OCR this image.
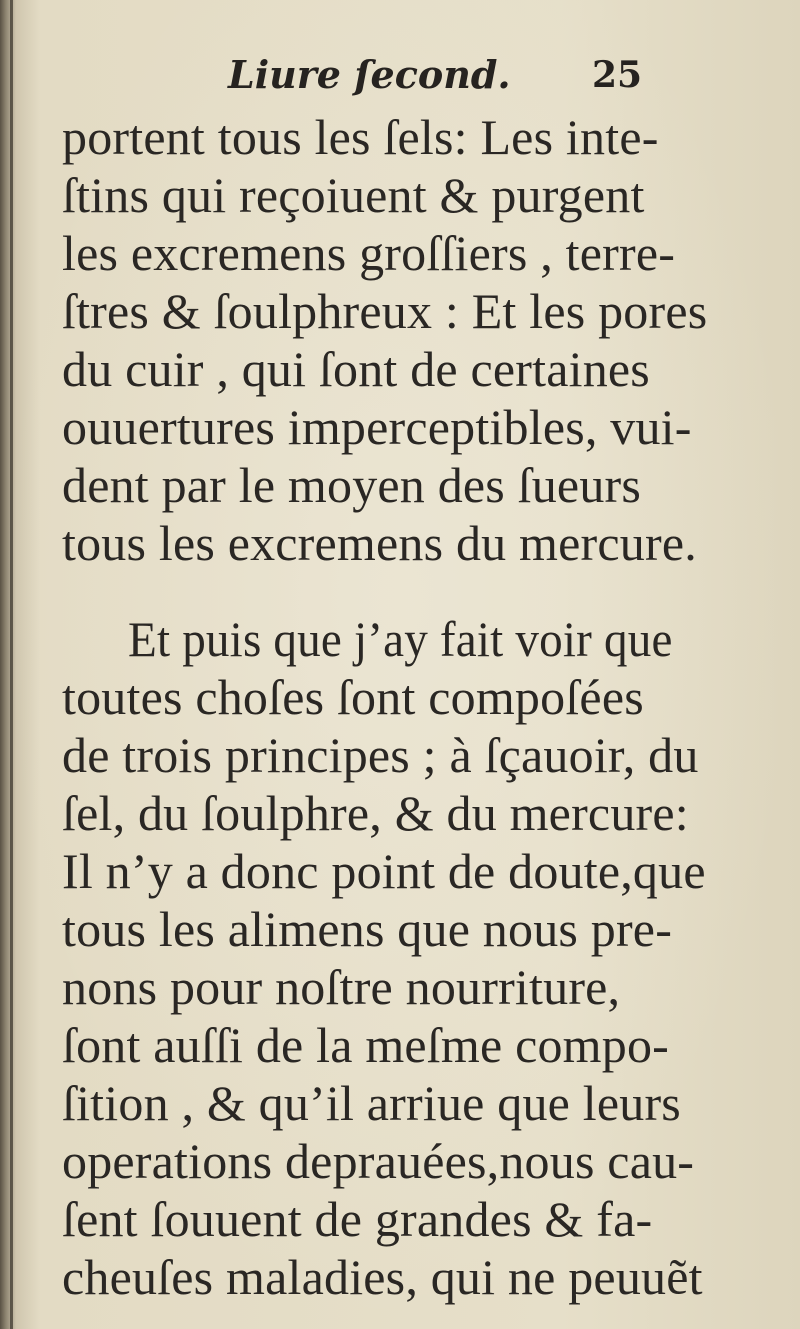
Liure ſecond. 25
portent tous les ſels: Les inte-
ſtins qui reçoiuent & purgent
les excremens groſſiers , terre-
ſtres & ſoulphreux : Et les pores
du cuir , qui ſont de certaines
ouuertures imperceptibles, vui-
dent par le moyen des ſueurs
tous les excremens du mercure.
Et puis que j’ay fait voir que
toutes choſes ſont compoſées
de trois principes ; à ſçauoir, du
ſel, du ſoulphre, & du mercure:
Il n’y a donc point de doute,que
tous les alimens que nous pre-
nons pour noſtre nourriture,
ſont auſſi de la meſme compo-
ſition , & qu’il arriue que leurs
operations deprauées,nous cau-
ſent ſouuent de grandes & fa-
cheuſes maladies, qui ne peuuẽt
